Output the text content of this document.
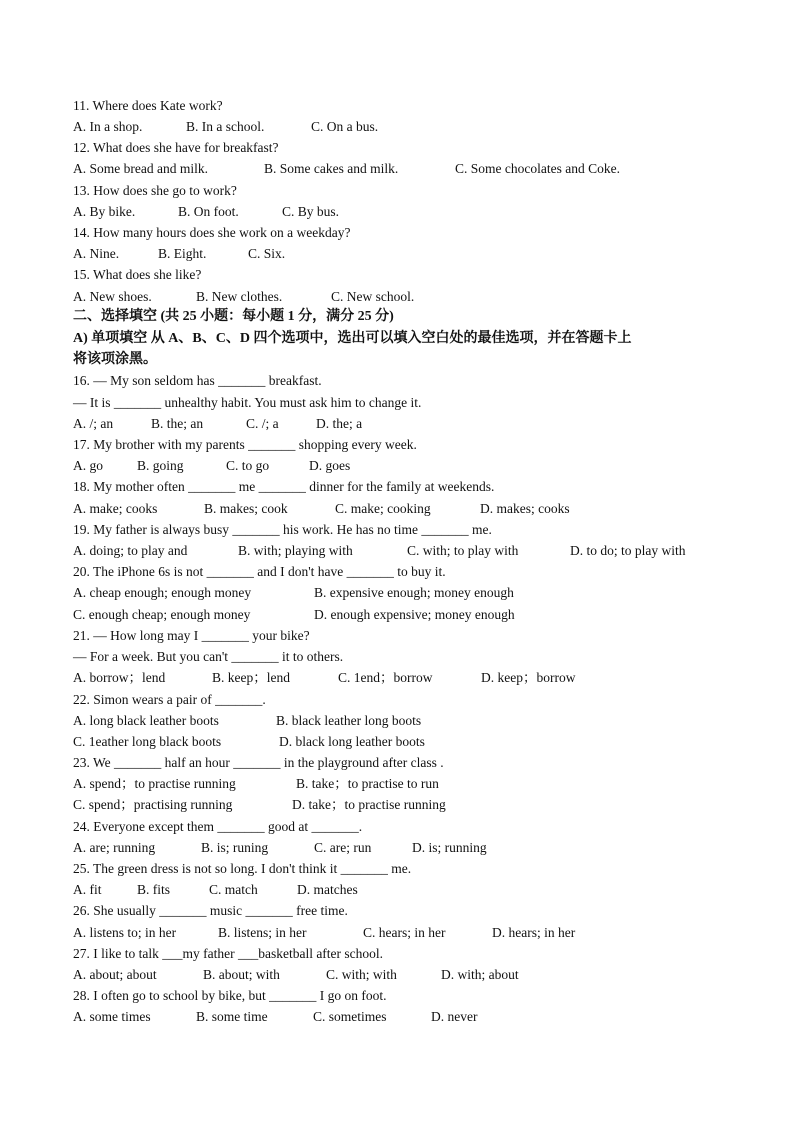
11. Where does Kate work?

A. In a shop.

	B. In a school.

	C. On a bus.

12. What does she have for breakfast?

A. Some bread and milk.

	B. Some cakes and milk.

	C. Some chocolates and Coke.

13. How does she go to work?

A. By bike.

	B. On foot.

	C. By bus.

14. How many hours does she work on a weekday?

A. Nine.

	B. Eight.

	C. Six.

15. What does she like?

A. New shoes.

	B. New clothes.

	C. New school.

二、选择填空 (共 25 小题：每小题 1 分，满分 25 分)
A) 单项填空 从 A、B、C、D 四个选项中，选出可以填入空白处的最佳选项，并在答题卡上
将该项涂黑。
16. — My son seldom has _______ breakfast.
— It is _______ unhealthy habit. You must ask him to change it.

A. /; an

	B. the; an

	C. /; a

	D. the; a

17. My brother with my parents _______ shopping every week.

A. go

	B. going

	C. to go

	D. goes

18. My mother often _______ me _______ dinner for the family at weekends.

A. make; cooks

	B. makes; cook

	C. make; cooking

	D. makes; cooks

19. My father is always busy _______ his work. He has no time _______ me.

A. doing; to play and

	B. with; playing with

	C. with; to play with

	D. to do; to play with

20. The iPhone 6s is not _______ and I don't have _______ to buy it.

A. cheap enough; enough money

	B. expensive enough; money enough

C. enough cheap; enough money

	D. enough expensive; money enough

21. — How long may I _______ your bike?
— For a week. But you can't _______ it to others.

A. borrow；lend

	B. keep；lend

	C. 1end；borrow

	D. keep；borrow

22. Simon wears a pair of _______.

A. long black leather boots

	B. black leather long boots

C. 1eather long black boots

	D. black long leather boots

23. We _______ half an hour _______ in the playground after class .

A. spend；to practise running

	B. take；to practise to run

C. spend；practising running

	D. take；to practise running

24. Everyone except them _______ good at _______.

A. are; running

	B. is; runing

	C. are; run

	D. is; running

25. The green dress is not so long. I don't think it _______ me.

A. fit

	B. fits

	C. match

	D. matches

26. She usually _______ music _______ free time.

A. listens to; in her

	B. listens; in her

	C. hears; in her

	D. hears; in her

27. I like to talk ___my father ___basketball after school.

A. about; about

	B. about; with

	C. with; with

	D. with; about

28. I often go to school by bike, but _______ I go on foot.

A. some times

	B. some time

	C. sometimes

	D. never
